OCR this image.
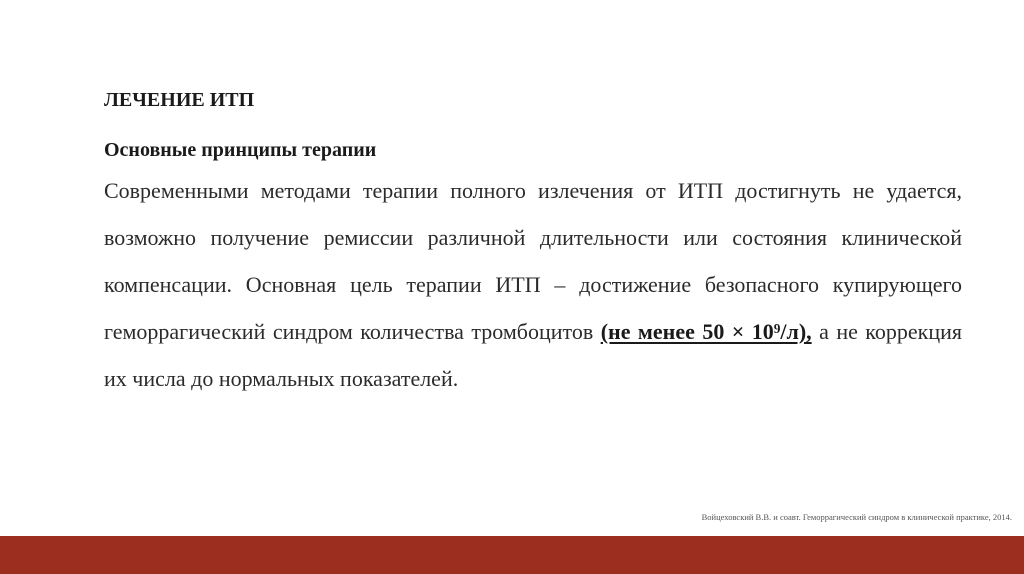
ЛЕЧЕНИЕ ИТП

Основные принципы терапии

Современными методами терапии полного излечения от ИТП достигнуть не удается, возможно получение ремиссии различной длительности или состояния клинической компенсации. Основная цель терапии ИТП – достижение безопасного купирующего геморрагический синдром количества тромбоцитов (не менее 50 × 10⁹/л), а не коррекция их числа до нормальных показателей.

Войцеховский В.В. и соавт. Геморрагический синдром в клинической практике, 2014.
